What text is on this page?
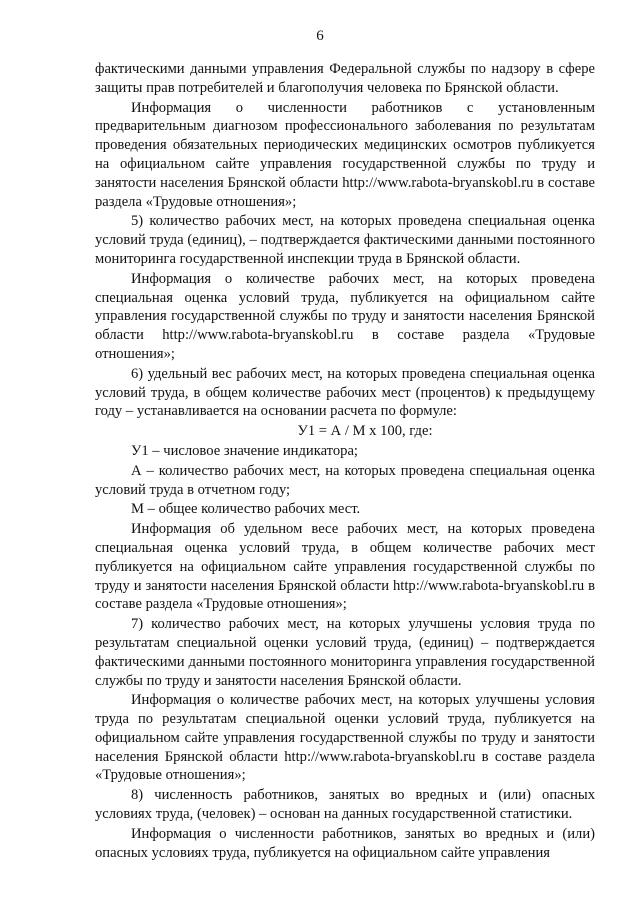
6

фактическими данными управления Федеральной службы по надзору в сфере защиты прав потребителей и благополучия человека по Брянской области.

Информация о численности работников с установленным предварительным диагнозом профессионального заболевания по результатам проведения обязательных периодических медицинских осмотров публикуется на официальном сайте управления государственной службы по труду и занятости населения Брянской области http://www.rabota-bryanskobl.ru в составе раздела «Трудовые отношения»;

5) количество рабочих мест, на которых проведена специальная оценка условий труда (единиц), – подтверждается фактическими данными постоянного мониторинга государственной инспекции труда в Брянской области.

Информация о количестве рабочих мест, на которых проведена специальная оценка условий труда, публикуется на официальном сайте управления государственной службы по труду и занятости населения Брянской области http://www.rabota-bryanskobl.ru в составе раздела «Трудовые отношения»;

6) удельный вес рабочих мест, на которых проведена специальная оценка условий труда, в общем количестве рабочих мест (процентов) к предыдущему году – устанавливается на основании расчета по формуле:

У1 = А / М х 100, где:

У1 – числовое значение индикатора;

А – количество рабочих мест, на которых проведена специальная оценка условий труда в отчетном году;

М – общее количество рабочих мест.

Информация об удельном весе рабочих мест, на которых проведена специальная оценка условий труда, в общем количестве рабочих мест публикуется на официальном сайте управления государственной службы по труду и занятости населения Брянской области http://www.rabota-bryanskobl.ru в составе раздела «Трудовые отношения»;

7) количество рабочих мест, на которых улучшены условия труда по результатам специальной оценки условий труда, (единиц) – подтверждается фактическими данными постоянного мониторинга управления государственной службы по труду и занятости населения Брянской области.

Информация о количестве рабочих мест, на которых улучшены условия труда по результатам специальной оценки условий труда, публикуется на официальном сайте управления государственной службы по труду и занятости населения Брянской области http://www.rabota-bryanskobl.ru в составе раздела «Трудовые отношения»;

8) численность работников, занятых во вредных и (или) опасных условиях труда, (человек) – основан на данных государственной статистики.

Информация о численности работников, занятых во вредных и (или) опасных условиях труда, публикуется на официальном сайте управления
